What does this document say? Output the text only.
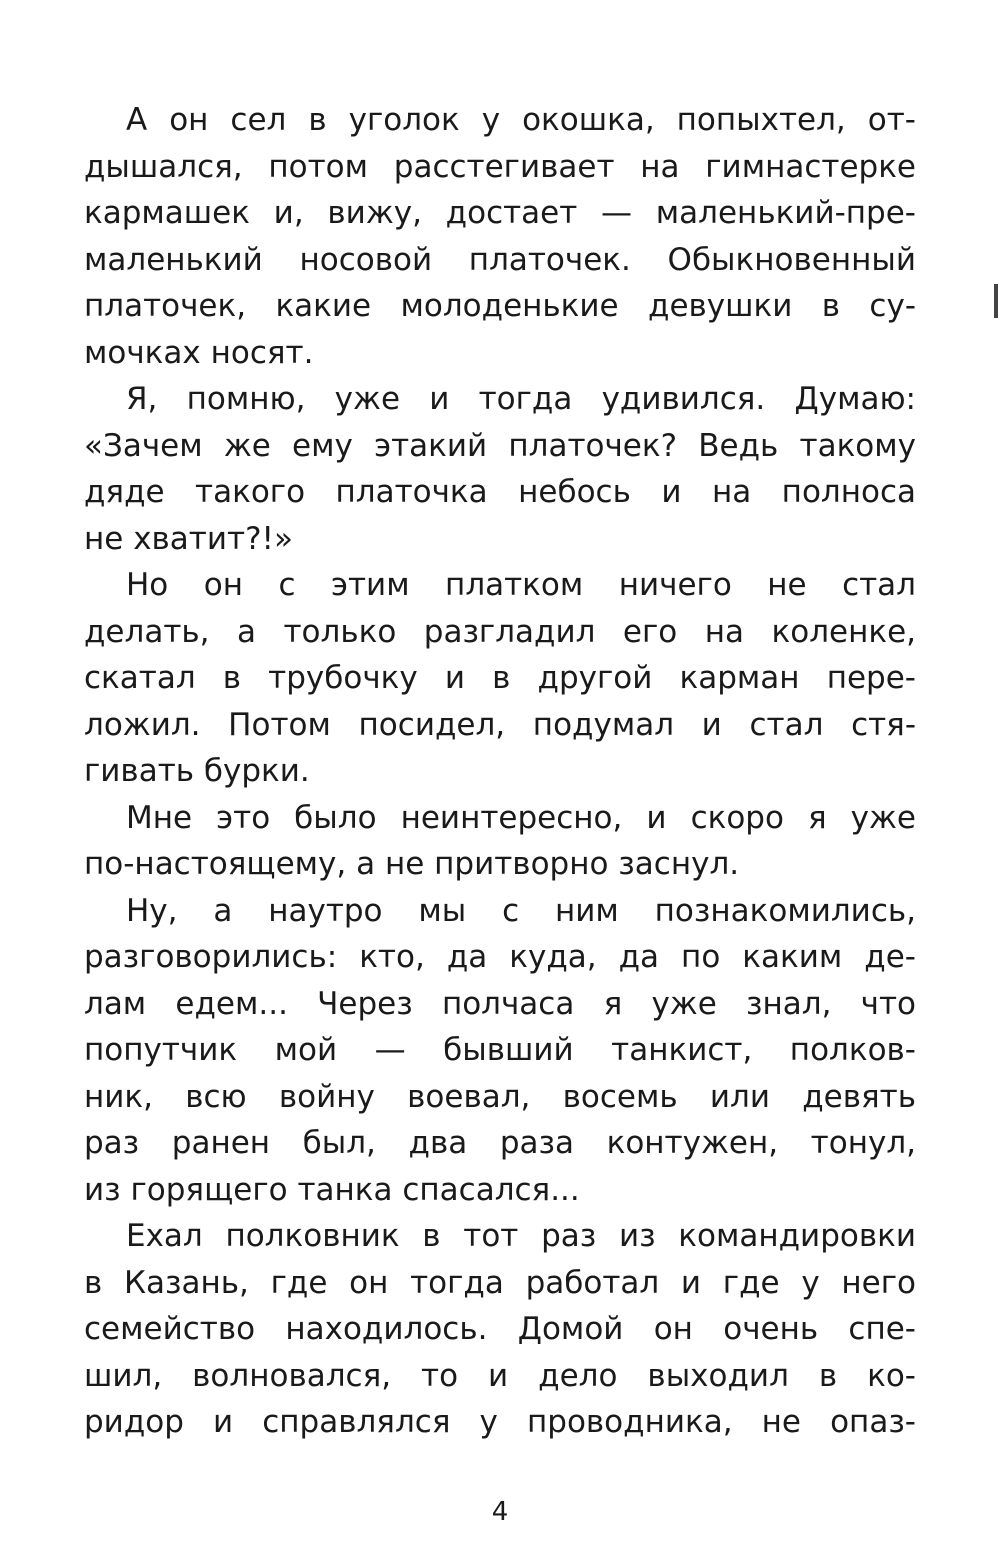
А он сел в уголок у окошка, попыхтел, от-
дышался, потом расстегивает на гимнастерке
кармашек и, вижу, достает — маленький-пре-
маленький носовой платочек. Обыкновенный
платочек, какие молоденькие девушки в су-
мочках носят.
Я, помню, уже и тогда удивился. Думаю:
«Зачем же ему этакий платочек? Ведь такому
дяде такого платочка небось и на полноса
не хватит?!»
Но он с этим платком ничего не стал
делать, а только разгладил его на коленке,
скатал в трубочку и в другой карман пере-
ложил. Потом посидел, подумал и стал стя-
гивать бурки.
Мне это было неинтересно, и скоро я уже
по-настоящему, а не притворно заснул.
Ну, а наутро мы с ним познакомились,
разговорились: кто, да куда, да по каким де-
лам едем... Через полчаса я уже знал, что
попутчик мой — бывший танкист, полков-
ник, всю войну воевал, восемь или девять
раз ранен был, два раза контужен, тонул,
из горящего танка спасался...
Ехал полковник в тот раз из командировки
в Казань, где он тогда работал и где у него
семейство находилось. Домой он очень спе-
шил, волновался, то и дело выходил в ко-
ридор и справлялся у проводника, не опаз-
4
